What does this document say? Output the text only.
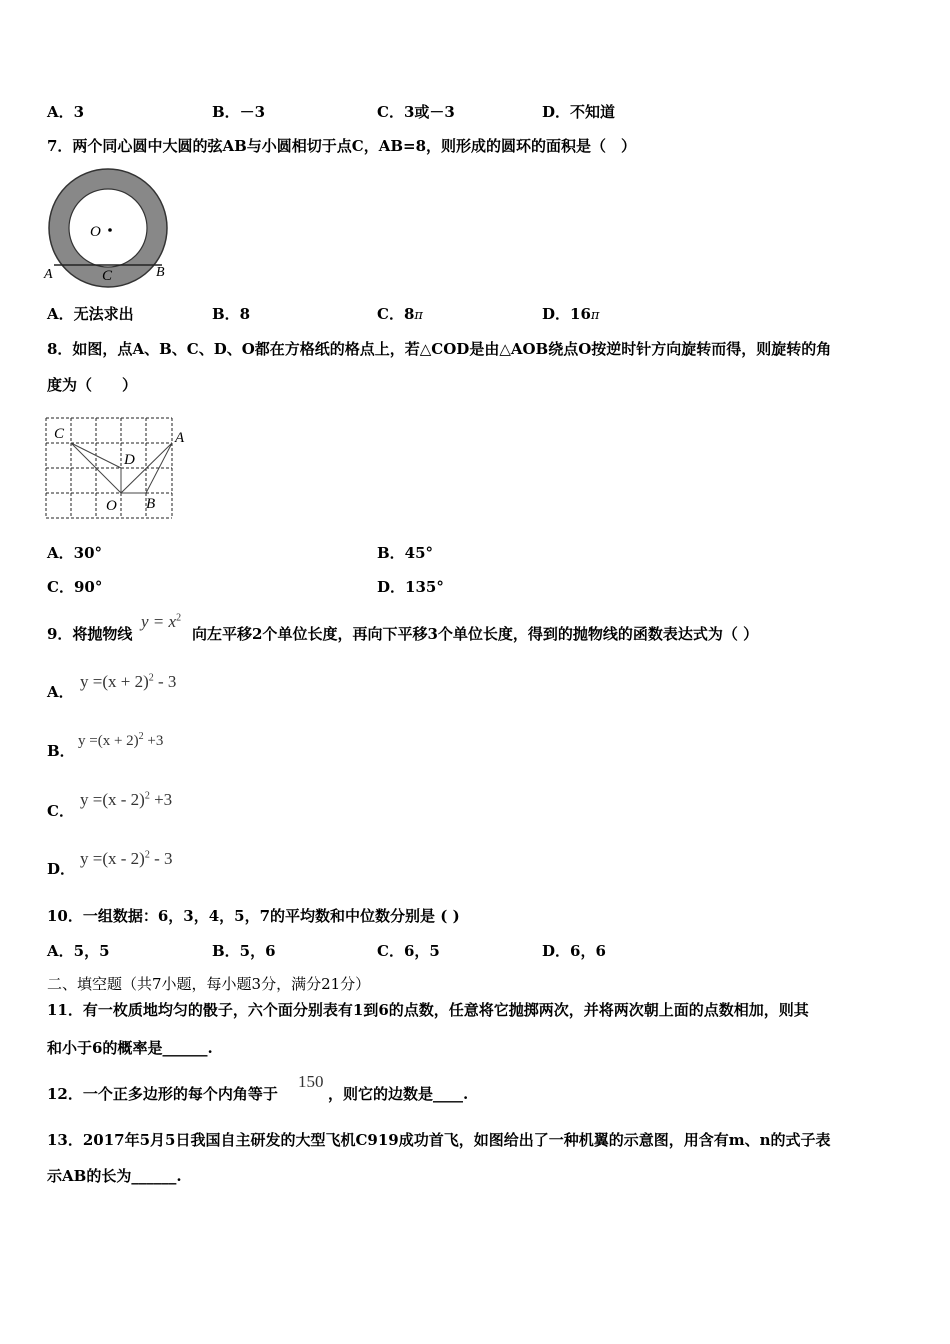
A．3	B．－3	C．3或－3	D．不知道
7．两个同心圆中大圆的弦AB与小圆相切于点C，AB=8，则形成的圆环的面积是（　）
O
A	C	B
A．无法求出	B．8	C．8π	D．16π
8．如图，点A、B、C、D、O都在方格纸的格点上，若△COD是由△AOB绕点O按逆时针方向旋转而得，则旋转的角
度为（　　）
C	A
D
O B
A．30°	B．45°
C．90°	D．135°
9．将抛物线
$y = x^2$
向左平移2个单位长度，再向下平移3个单位长度，得到的抛物线的函数表达式为（ ）
A．
$y =(x + 2)^2 - 3$
B．
$y =(x + 2)^2 +3$
C．
y =(x - 2)$^2$ +3
D．
y =(x - 2)$^2$ - 3
10．一组数据：6，3，4，5，7的平均数和中位数分别是 ( )
A．5，5	B．5，6	C．6，5	D．6，6
二、填空题（共7小题，每小题3分，满分21分）
11．有一枚质地均匀的骰子，六个面分别表有1到6的点数，任意将它抛掷两次，并将两次朝上面的点数相加，则其
和小于6的概率是______.
12．一个正多边形的每个内角等于
150
，则它的边数是____.
13．2017年5月5日我国自主研发的大型飞机C919成功首飞，如图给出了一种机翼的示意图，用含有m、n的式子表
示AB的长为______.
